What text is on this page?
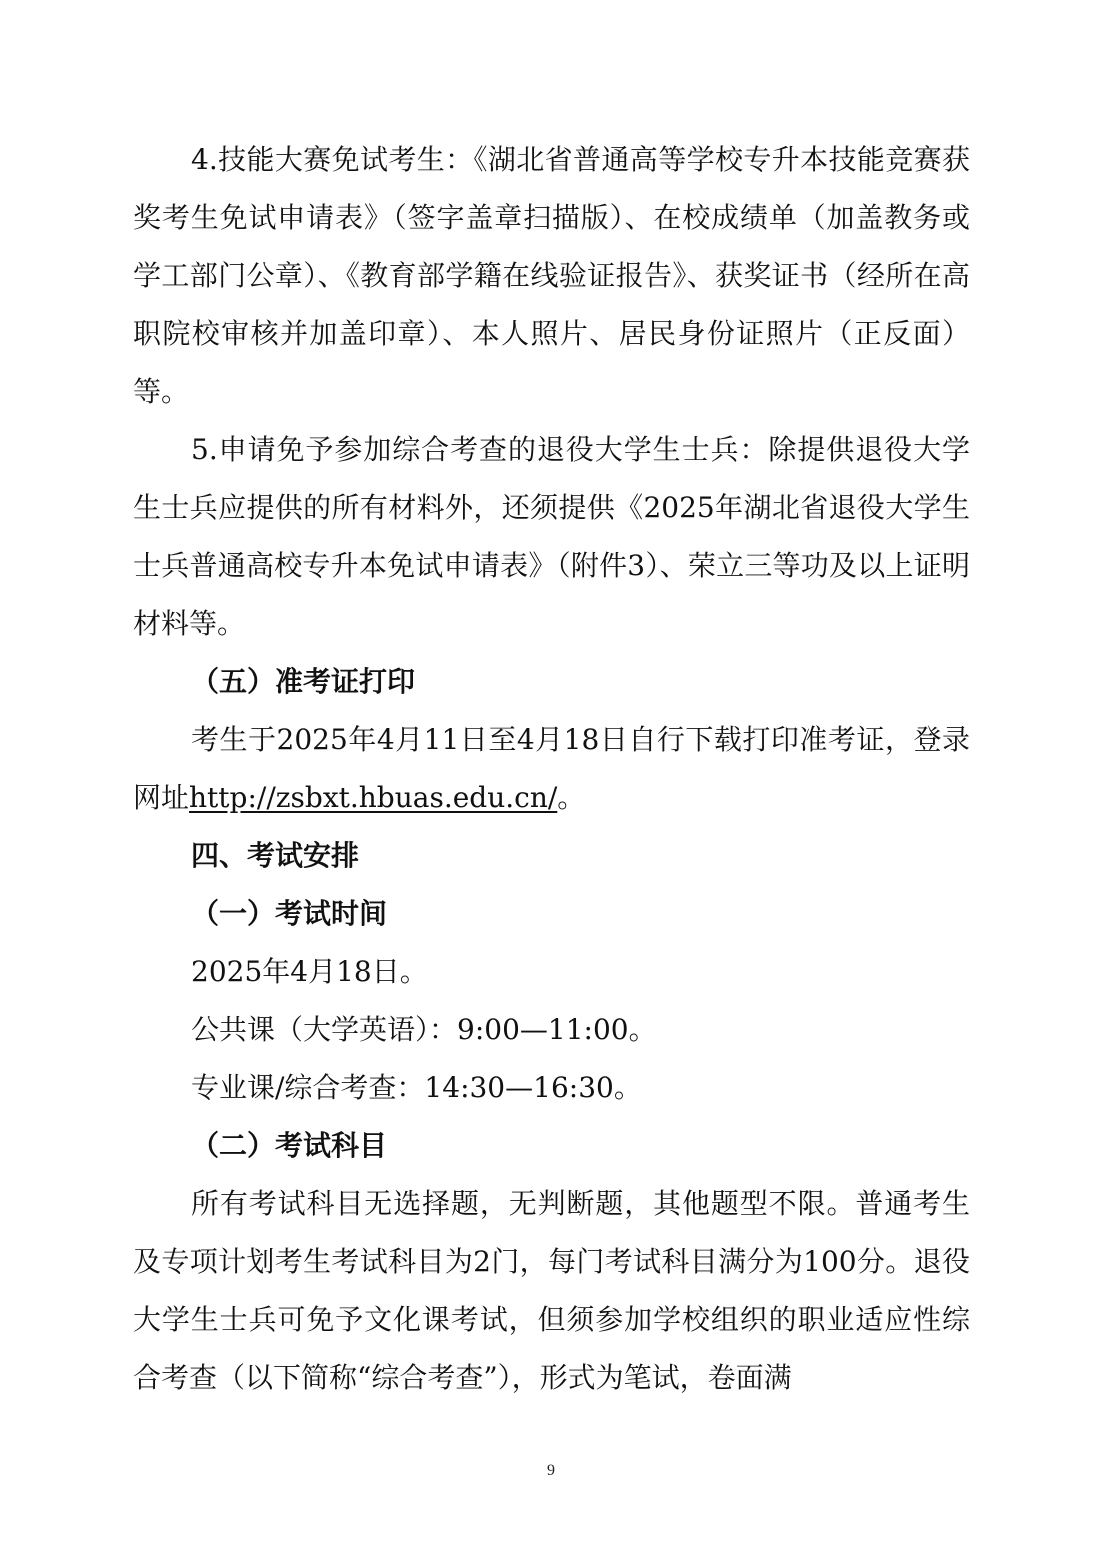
4.技能大赛免试考生：《湖北省普通高等学校专升本技能竞赛获奖考生免试申请表》（签字盖章扫描版）、在校成绩单（加盖教务或学工部门公章）、《教育部学籍在线验证报告》、获奖证书（经所在高职院校审核并加盖印章）、本人照片、居民身份证照片（正反面）等。

5.申请免予参加综合考查的退役大学生士兵：除提供退役大学生士兵应提供的所有材料外，还须提供《2025年湖北省退役大学生士兵普通高校专升本免试申请表》（附件3）、荣立三等功及以上证明材料等。

（五）准考证打印

考生于2025年4月11日至4月18日自行下载打印准考证，登录网址http://zsbxt.hbuas.edu.cn/。

四、考试安排

（一）考试时间

2025年4月18日。

公共课（大学英语）：9:00—11:00。

专业课/综合考查：14:30—16:30。

（二）考试科目

所有考试科目无选择题，无判断题，其他题型不限。普通考生及专项计划考生考试科目为2门，每门考试科目满分为100分。退役大学生士兵可免予文化课考试，但须参加学校组织的职业适应性综合考查（以下简称“综合考查”），形式为笔试，卷面满

9
